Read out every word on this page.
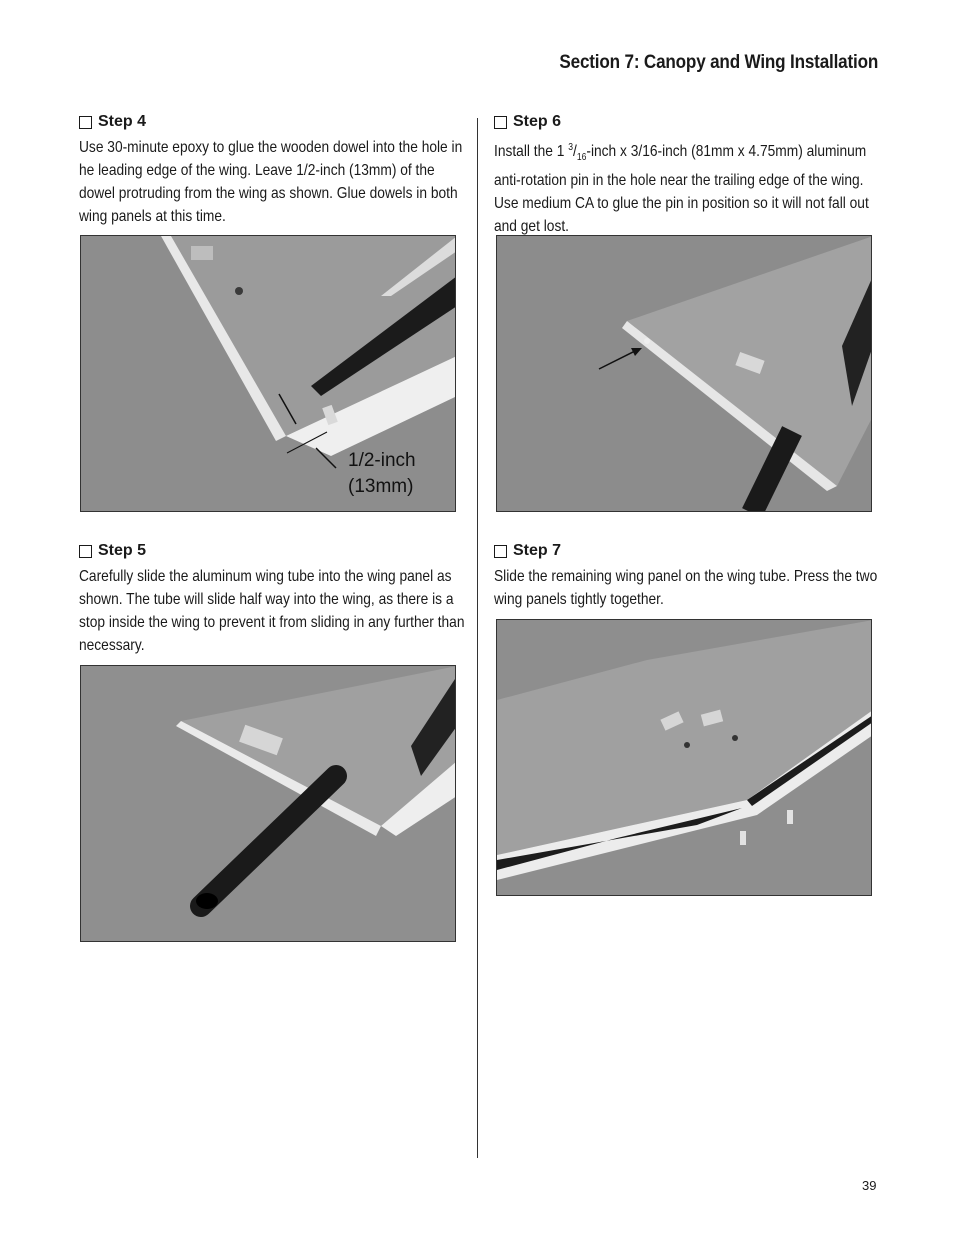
Section 7: Canopy and Wing Installation
Step 4
Use 30-minute epoxy to glue the wooden dowel into the hole in he leading edge of the wing. Leave 1/2-inch (13mm) of the dowel protruding from the wing as shown. Glue dowels in both wing panels at this time.
1/2-inch
(13mm)
Step 5
Carefully slide the aluminum wing tube into the wing panel as shown. The tube will slide half way into the wing, as there is a stop inside the wing to prevent it from sliding in any further than necessary.
Step 6
Install the 1 $^3/_{16}$-inch x 3/16-inch (81mm x 4.75mm) aluminum anti-rotation pin in the hole near the trailing edge of the wing. Use medium CA to glue the pin in position so it will not fall out and get lost.
Step 7
Slide the remaining wing panel on the wing tube. Press the two wing panels tightly together.
39
